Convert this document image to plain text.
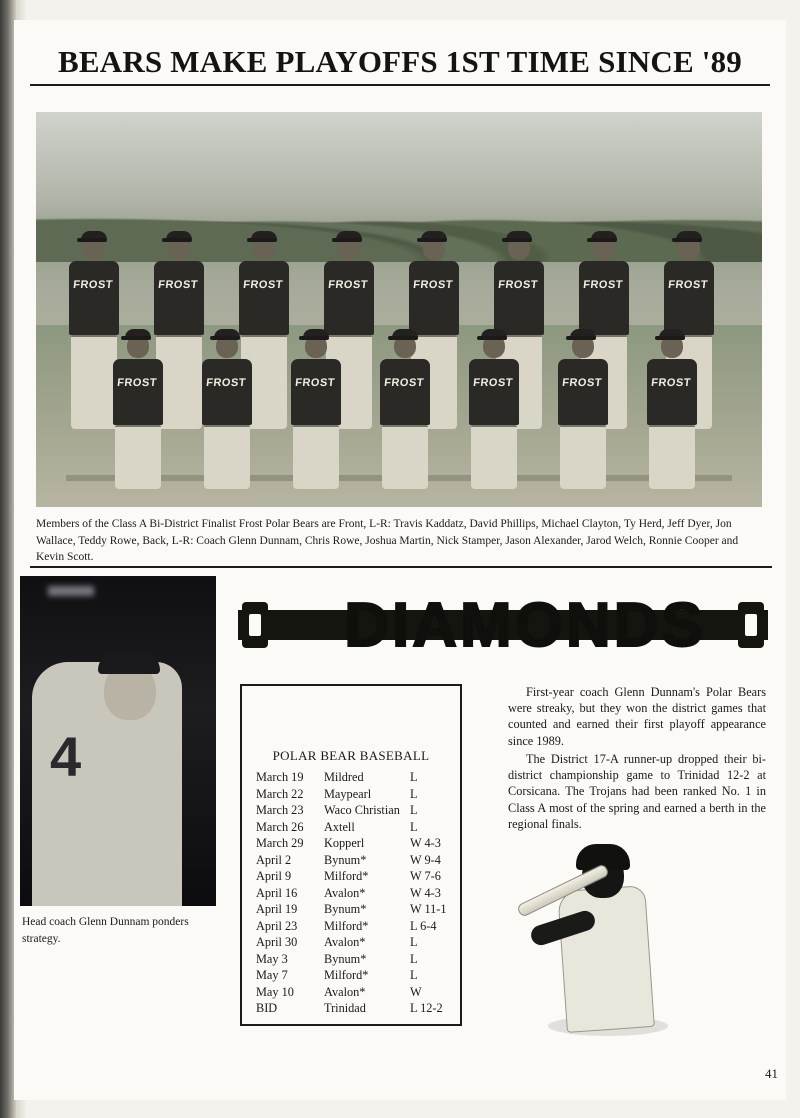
BEARS MAKE PLAYOFFS 1ST TIME SINCE '89
FROST	FROST	FROST	FROST	FROST	FROST	FROST	FROST
FROST	FROST	FROST	FROST	FROST	FROST	FROST
Members of the Class A Bi-District Finalist Frost Polar Bears are Front, L-R: Travis Kaddatz, David Phillips, Michael Clayton, Ty Herd, Jeff Dyer, Jon Wallace, Teddy Rowe, Back, L-R: Coach Glenn Dunnam, Chris Rowe, Joshua Martin, Nick Stamper, Jason Alexander, Jarod Welch, Ronnie Cooper and Kevin Scott.
4
Head coach Glenn Dunnam ponders strategy.
DIAMONDS
POLAR BEAR BASEBALL
March 19	Mildred	L
March 22	Maypearl	L
March 23	Waco Christian	L
March 26	Axtell	L
March 29	Kopperl	W 4-3
April 2	Bynum*	W 9-4
April 9	Milford*	W 7-6
April 16	Avalon*	W 4-3
April 19	Bynum*	W 11-1
April 23	Milford*	L 6-4
April 30	Avalon*	L
May 3	Bynum*	L
May 7	Milford*	L
May 10	Avalon*	W
BID	Trinidad	L 12-2

First-year coach Glenn Dunnam's Polar Bears were streaky, but they won the district games that counted and earned their first playoff appearance since 1989.

The District 17-A runner-up dropped their bi-district championship game to Trinidad 12-2 at Corsicana. The Trojans had been ranked No. 1 in Class A most of the spring and earned a berth in the regional finals.

41
